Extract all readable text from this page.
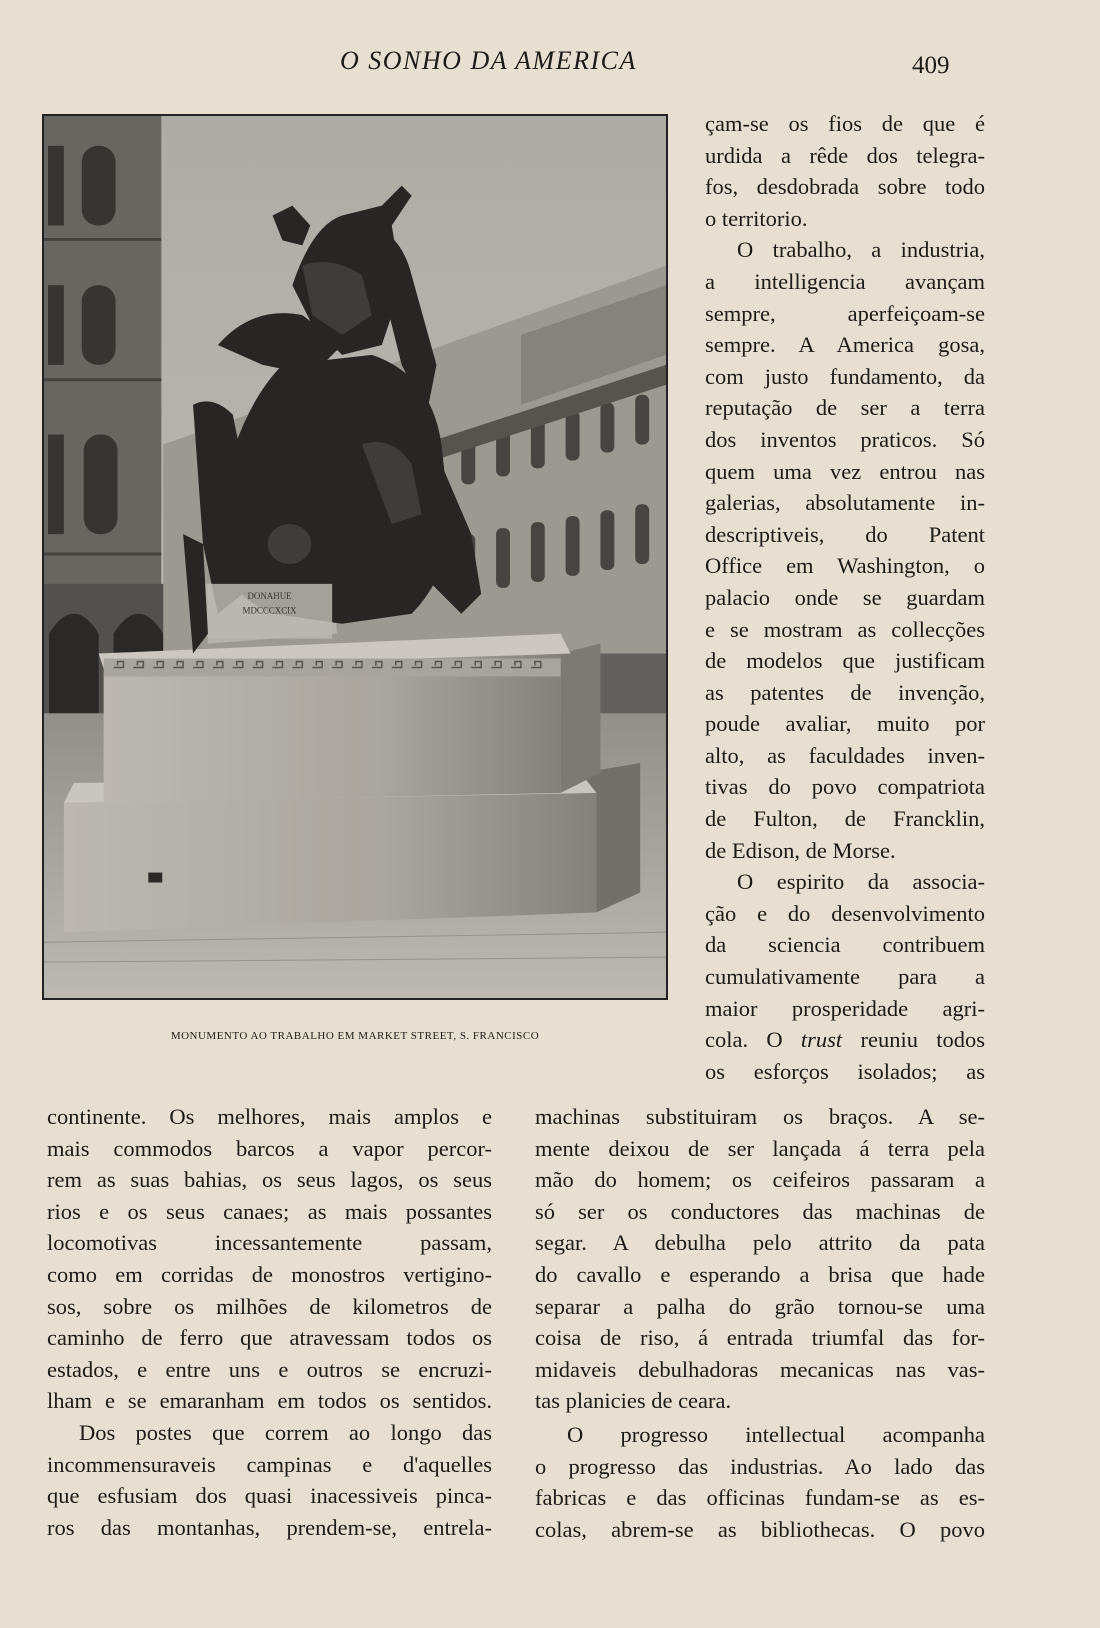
O SONHO DA AMERICA	409
DONAHUE
MDCCCXCIX
MONUMENTO AO TRABALHO EM MARKET STREET, S. FRANCISCO

çam-se os fios de que é
urdida a rêde dos telegra-
fos, desdobrada sobre todo
o territorio.

O trabalho, a industria,
a intelligencia avançam
sempre, aperfeiçoam-se
sempre. A America gosa,
com justo fundamento, da
reputação de ser a terra
dos inventos praticos. Só
quem uma vez entrou nas
galerias, absolutamente in-
descriptiveis, do Patent
Office em Washington, o
palacio onde se guardam
e se mostram as collecções
de modelos que justificam
as patentes de invenção,
poude avaliar, muito por
alto, as faculdades inven-
tivas do povo compatriota
de Fulton, de Francklin,
de Edison, de Morse.

O espirito da associa-
ção e do desenvolvimento
da sciencia contribuem
cumulativamente para a
maior prosperidade agri-
cola. O trust reuniu todos
os esforços isolados; as

continente. Os melhores, mais amplos e
mais commodos barcos a vapor percor-
rem as suas bahias, os seus lagos, os seus
rios e os seus canaes; as mais possantes
locomotivas incessantemente passam,
como em corridas de monostros vertigino-
sos, sobre os milhões de kilometros de
caminho de ferro que atravessam todos os
estados, e entre uns e outros se encruzi-
lham e se emaranham em todos os sentidos.

Dos postes que correm ao longo das
incommensuraveis campinas e d'aquelles
que esfusiam dos quasi inacessiveis pinca-
ros das montanhas, prendem-se, entrela-

machinas substituiram os braços. A se-
mente deixou de ser lançada á terra pela
mão do homem; os ceifeiros passaram a
só ser os conductores das machinas de
segar. A debulha pelo attrito da pata
do cavallo e esperando a brisa que hade
separar a palha do grão tornou-se uma
coisa de riso, á entrada triumfal das for-
midaveis debulhadoras mecanicas nas vas-
tas planicies de ceara.

O progresso intellectual acompanha
o progresso das industrias. Ao lado das
fabricas e das officinas fundam-se as es-
colas, abrem-se as bibliothecas. O povo
